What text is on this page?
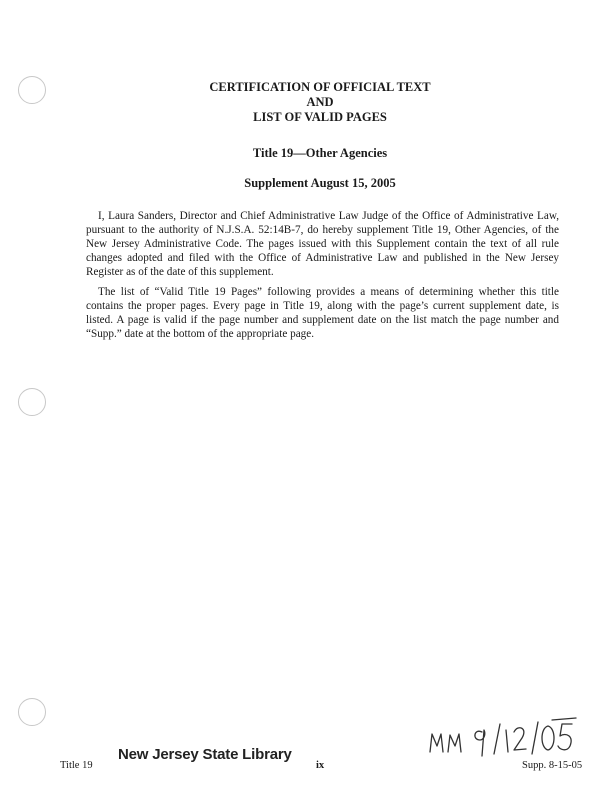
CERTIFICATION OF OFFICIAL TEXT
AND
LIST OF VALID PAGES
Title 19—Other Agencies
Supplement August 15, 2005

I, Laura Sanders, Director and Chief Administrative Law Judge of the Office of Administrative Law, pursuant to the authority of N.J.S.A. 52:14B-7, do hereby supplement Title 19, Other Agencies, of the New Jersey Administrative Code. The pages issued with this Supplement contain the text of all rule changes adopted and filed with the Office of Administrative Law and published in the New Jersey Register as of the date of this supplement.

The list of “Valid Title 19 Pages” following provides a means of determining whether this title contains the proper pages. Every page in Title 19, along with the page’s current supplement date, is listed. A page is valid if the page number and supplement date on the list match the page number and “Supp.” date at the bottom of the appropriate page.

Title 19
New Jersey State Library
ix	Supp. 8-15-05
